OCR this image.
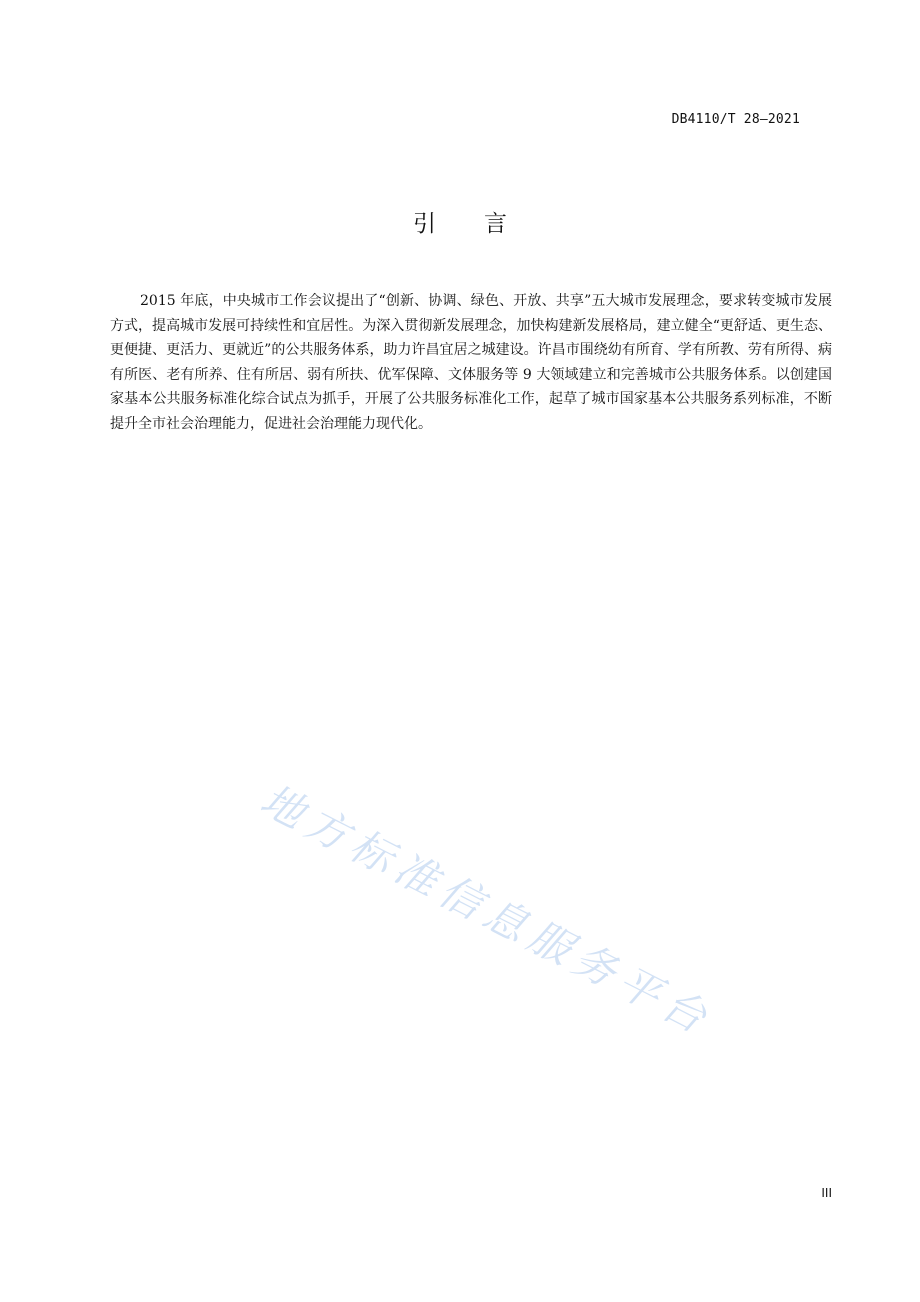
DB4110/T 28—2021
引言

2015 年底，中央城市工作会议提出了“创新、协调、绿色、开放、共享”五大城市发展理念，要求转变城市发展方式，提高城市发展可持续性和宜居性。为深入贯彻新发展理念，加快构建新发展格局，建立健全“更舒适、更生态、更便捷、更活力、更就近”的公共服务体系，助力许昌宜居之城建设。许昌市围绕幼有所育、学有所教、劳有所得、病有所医、老有所养、住有所居、弱有所扶、优军保障、文体服务等 9 大领域建立和完善城市公共服务体系。以创建国家基本公共服务标准化综合试点为抓手，开展了公共服务标准化工作，起草了城市国家基本公共服务系列标准，不断提升全市社会治理能力，促进社会治理能力现代化。

地方标准信息服务平台
III
